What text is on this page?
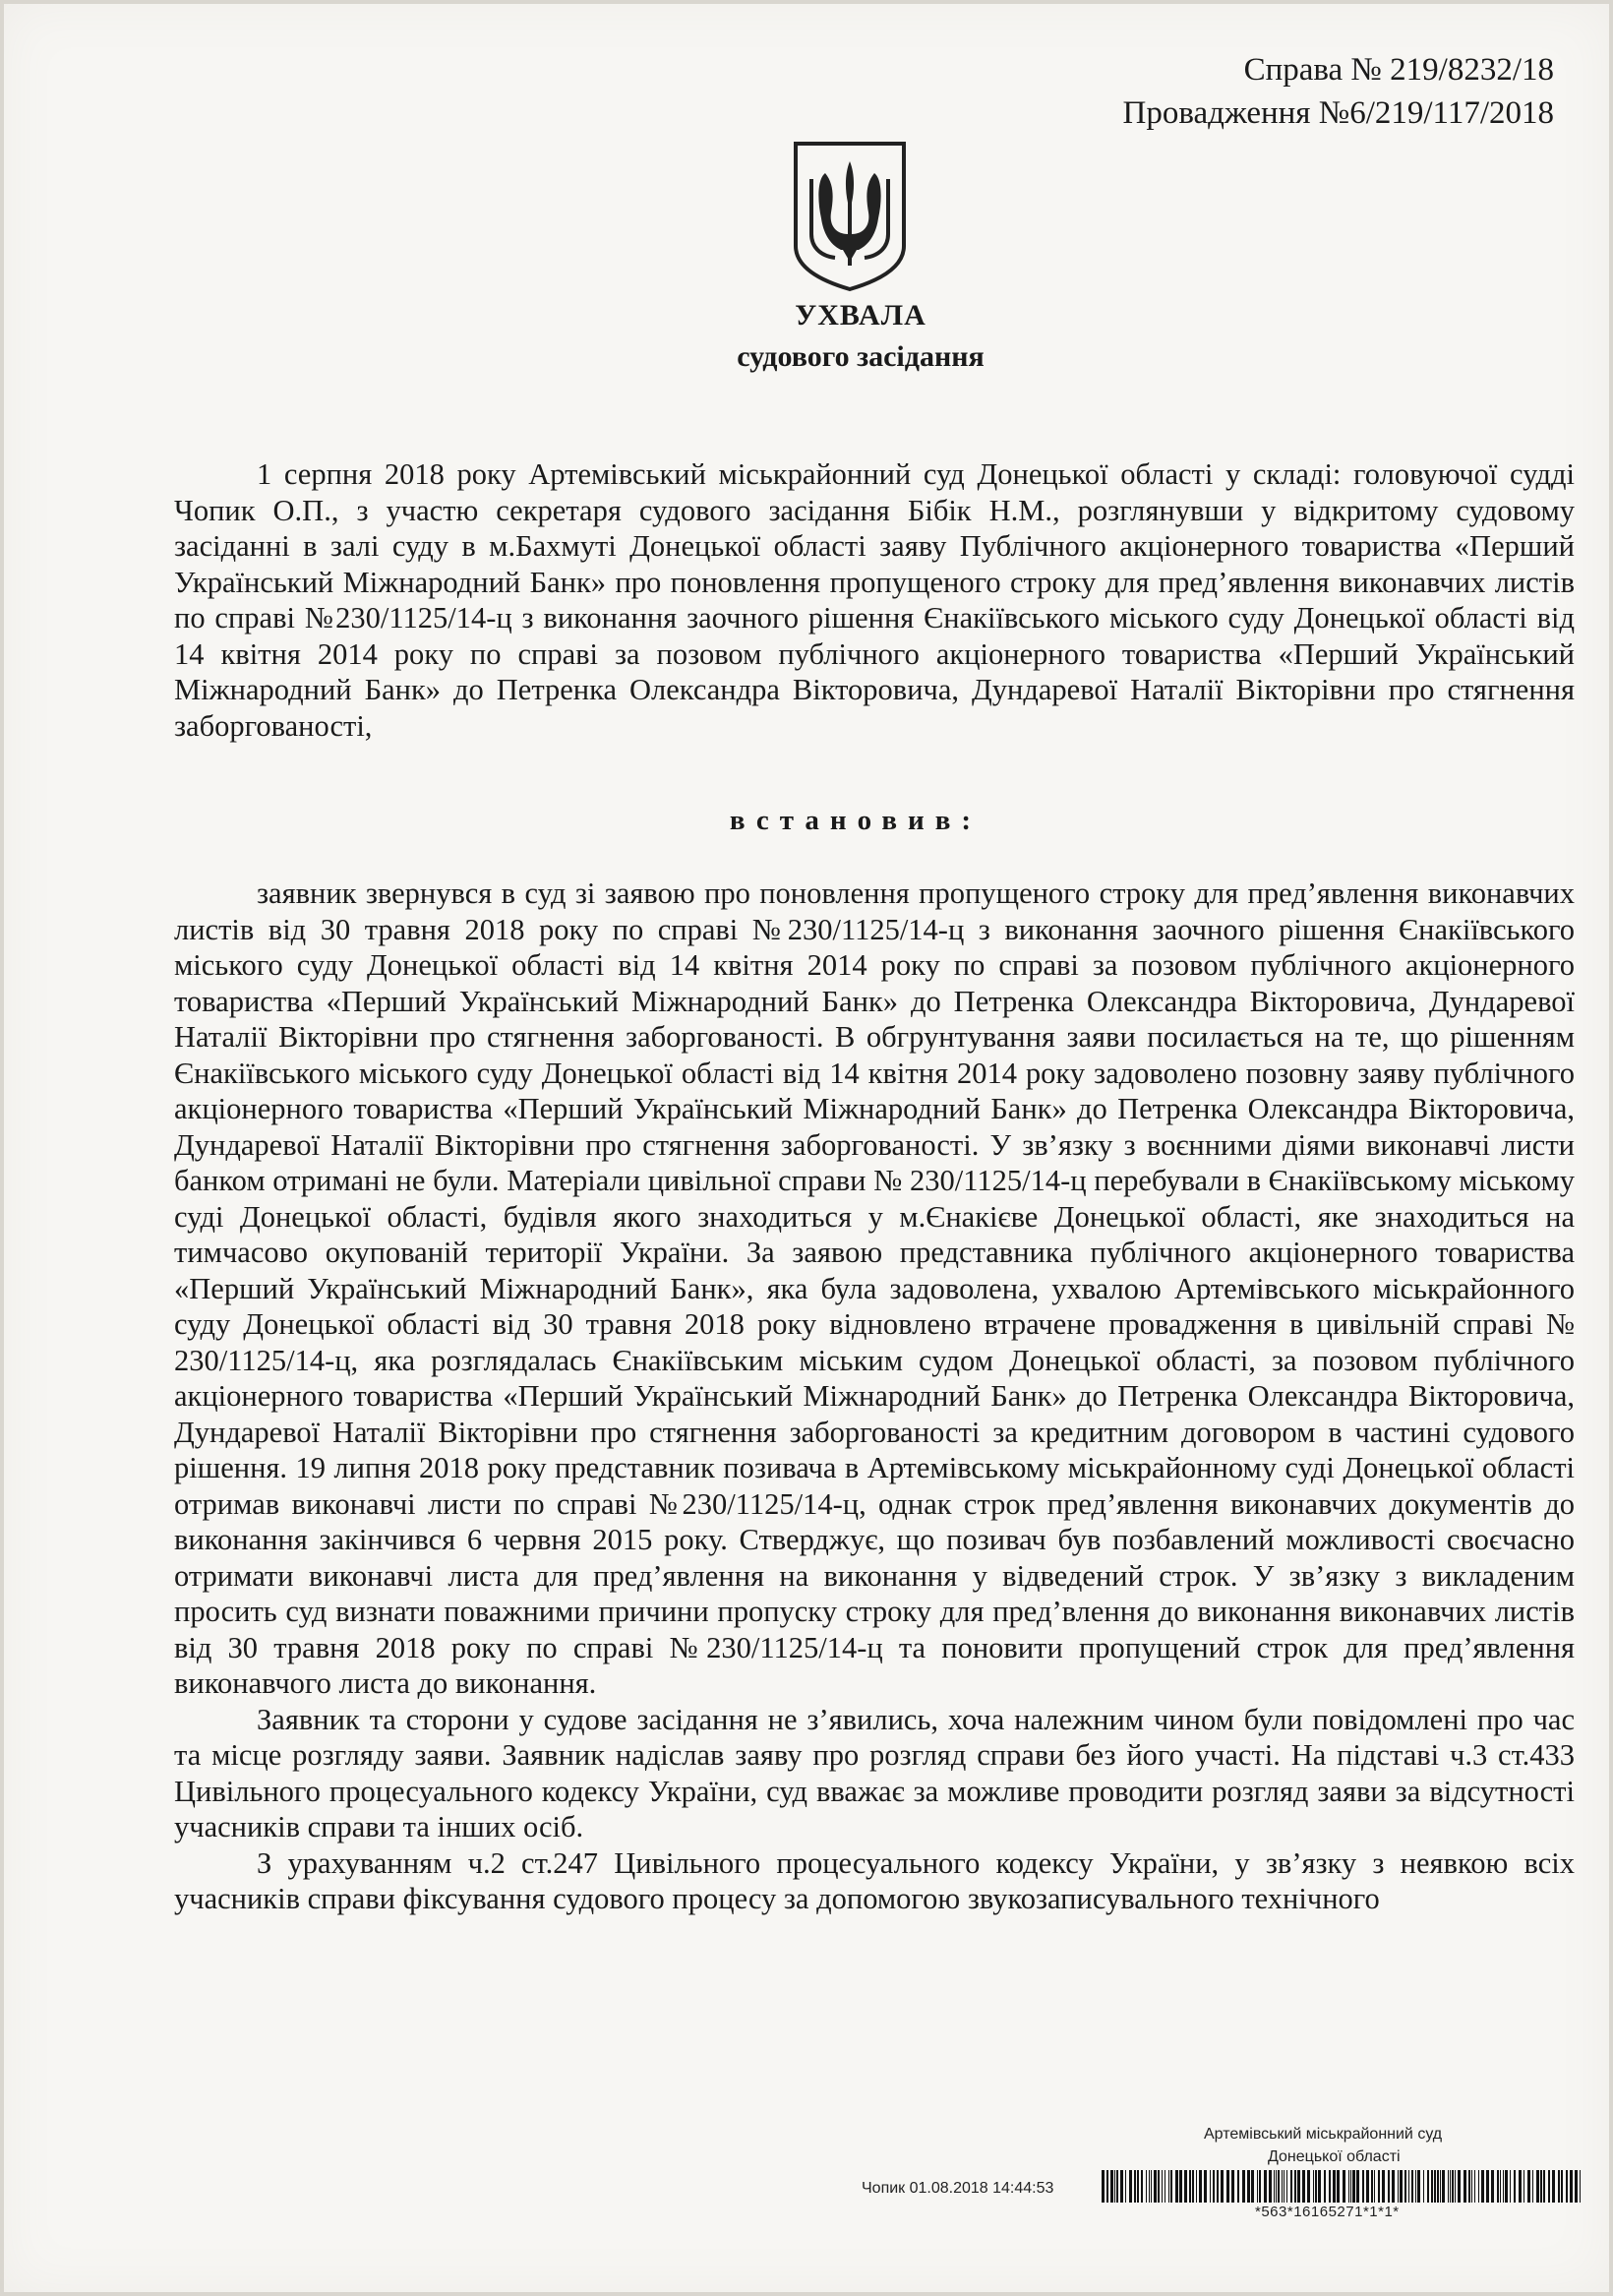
Справа № 219/8232/18
Провадження №6/219/117/2018
УХВАЛА
судового засідання

1 серпня 2018 року Артемівський міськрайонний суд Донецької області у складі: головуючої судді Чопик О.П., з участю секретаря судового засідання Бібік Н.М., розглянувши у відкритому судовому засіданні в залі суду в м.Бахмуті Донецької області заяву Публічного акціонерного товариства «Перший Український Міжнародний Банк» про поновлення пропущеного строку для пред’явлення виконавчих листів по справі №230/1125/14-ц з виконання заочного рішення Єнакіївського міського суду Донецької області від 14 квітня 2014 року по справі за позовом публічного акціонерного товариства «Перший Український Міжнародний Банк» до Петренка Олександра Вікторовича, Дундаревої Наталії Вікторівни про стягнення заборгованості,

встановив:

заявник звернувся в суд зі заявою про поновлення пропущеного строку для пред’явлення виконавчих листів від 30 травня 2018 року по справі №230/1125/14-ц з виконання заочного рішення Єнакіївського міського суду Донецької області від 14 квітня 2014 року по справі за позовом публічного акціонерного товариства «Перший Український Міжнародний Банк» до Петренка Олександра Вікторовича, Дундаревої Наталії Вікторівни про стягнення заборгованості. В обгрунтування заяви посилається на те, що рішенням Єнакіївського міського суду Донецької області від 14 квітня 2014 року задоволено позовну заяву публічного акціонерного товариства «Перший Український Міжнародний Банк» до Петренка Олександра Вікторовича, Дундаревої Наталії Вікторівни про стягнення заборгованості. У зв’язку з воєнними діями виконавчі листи банком отримані не були. Матеріали цивільної справи № 230/1125/14-ц перебували в Єнакіївському міському суді Донецької області, будівля якого знаходиться у м.Єнакієве Донецької області, яке знаходиться на тимчасово окупованій території України. За заявою представника публічного акціонерного товариства «Перший Український Міжнародний Банк», яка була задоволена, ухвалою Артемівського міськрайонного суду Донецької області від 30 травня 2018 року відновлено втрачене провадження в цивільній справі № 230/1125/14-ц, яка розглядалась Єнакіївським міським судом Донецької області, за позовом публічного акціонерного товариства «Перший Український Міжнародний Банк» до Петренка Олександра Вікторовича, Дундаревої Наталії Вікторівни про стягнення заборгованості за кредитним договором в частині судового рішення. 19 липня 2018 року представник позивача в Артемівському міськрайонному суді Донецької області отримав виконавчі листи по справі №230/1125/14-ц, однак строк пред’явлення виконавчих документів до виконання закінчився 6 червня 2015 року. Стверджує, що позивач був позбавлений можливості своєчасно отримати виконавчі листа для пред’явлення на виконання у відведений строк. У зв’язку з викладеним просить суд визнати поважними причини пропуску строку для пред’влення до виконання виконавчих листів від 30 травня 2018 року по справі №230/1125/14-ц та поновити пропущений строк для пред’явлення виконавчого листа до виконання.

Заявник та сторони у судове засідання не з’явились, хоча належним чином були повідомлені про час та місце розгляду заяви. Заявник надіслав заяву про розгляд справи без його участі. На підставі ч.3 ст.433 Цивільного процесуального кодексу України, суд вважає за можливе проводити розгляд заяви за відсутності учасників справи та інших осіб.

З урахуванням ч.2 ст.247 Цивільного процесуального кодексу України, у зв’язку з неявкою всіх учасників справи фіксування судового процесу за допомогою звукозаписувального технічного

Артемівський міськрайонний суд
Донецької області
Чопик 01.08.2018 14:44:53
*563*16165271*1*1*
